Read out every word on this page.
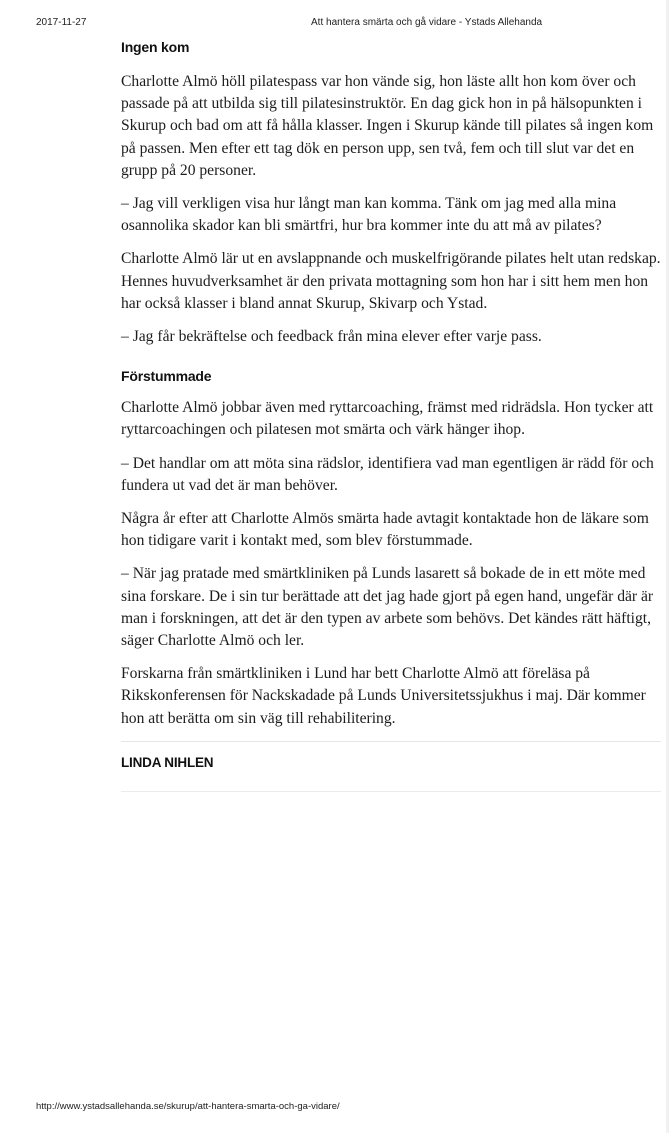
2017-11-27	Att hantera smärta och gå vidare - Ystads Allehanda
Ingen kom

Charlotte Almö höll pilatespass var hon vände sig, hon läste allt hon kom över och passade på att utbilda sig till pilatesinstruktör. En dag gick hon in på hälsopunkten i Skurup och bad om att få hålla klasser. Ingen i Skurup kände till pilates så ingen kom på passen. Men efter ett tag dök en person upp, sen två, fem och till slut var det en grupp på 20 personer.

– Jag vill verkligen visa hur långt man kan komma. Tänk om jag med alla mina osannolika skador kan bli smärtfri, hur bra kommer inte du att må av pilates?

Charlotte Almö lär ut en avslappnande och muskelfrigörande pilates helt utan redskap. Hennes huvudverksamhet är den privata mottagning som hon har i sitt hem men hon har också klasser i bland annat Skurup, Skivarp och Ystad.

– Jag får bekräftelse och feedback från mina elever efter varje pass.

Förstummade

Charlotte Almö jobbar även med ryttarcoaching, främst med ridrädsla. Hon tycker att ryttarcoachingen och pilatesen mot smärta och värk hänger ihop.

– Det handlar om att möta sina rädslor, identifiera vad man egentligen är rädd för och fundera ut vad det är man behöver.

Några år efter att Charlotte Almös smärta hade avtagit kontaktade hon de läkare som hon tidigare varit i kontakt med, som blev förstummade.

– När jag pratade med smärtkliniken på Lunds lasarett så bokade de in ett möte med sina forskare. De i sin tur berättade att det jag hade gjort på egen hand, ungefär där är man i forskningen, att det är den typen av arbete som behövs. Det kändes rätt häftigt, säger Charlotte Almö och ler.

Forskarna från smärtkliniken i Lund har bett Charlotte Almö att föreläsa på Rikskonferensen för Nackskadade på Lunds Universitetssjukhus i maj. Där kommer hon att berätta om sin väg till rehabilitering.

LINDA NIHLEN
http://www.ystadsallehanda.se/skurup/att-hantera-smarta-och-ga-vidare/
